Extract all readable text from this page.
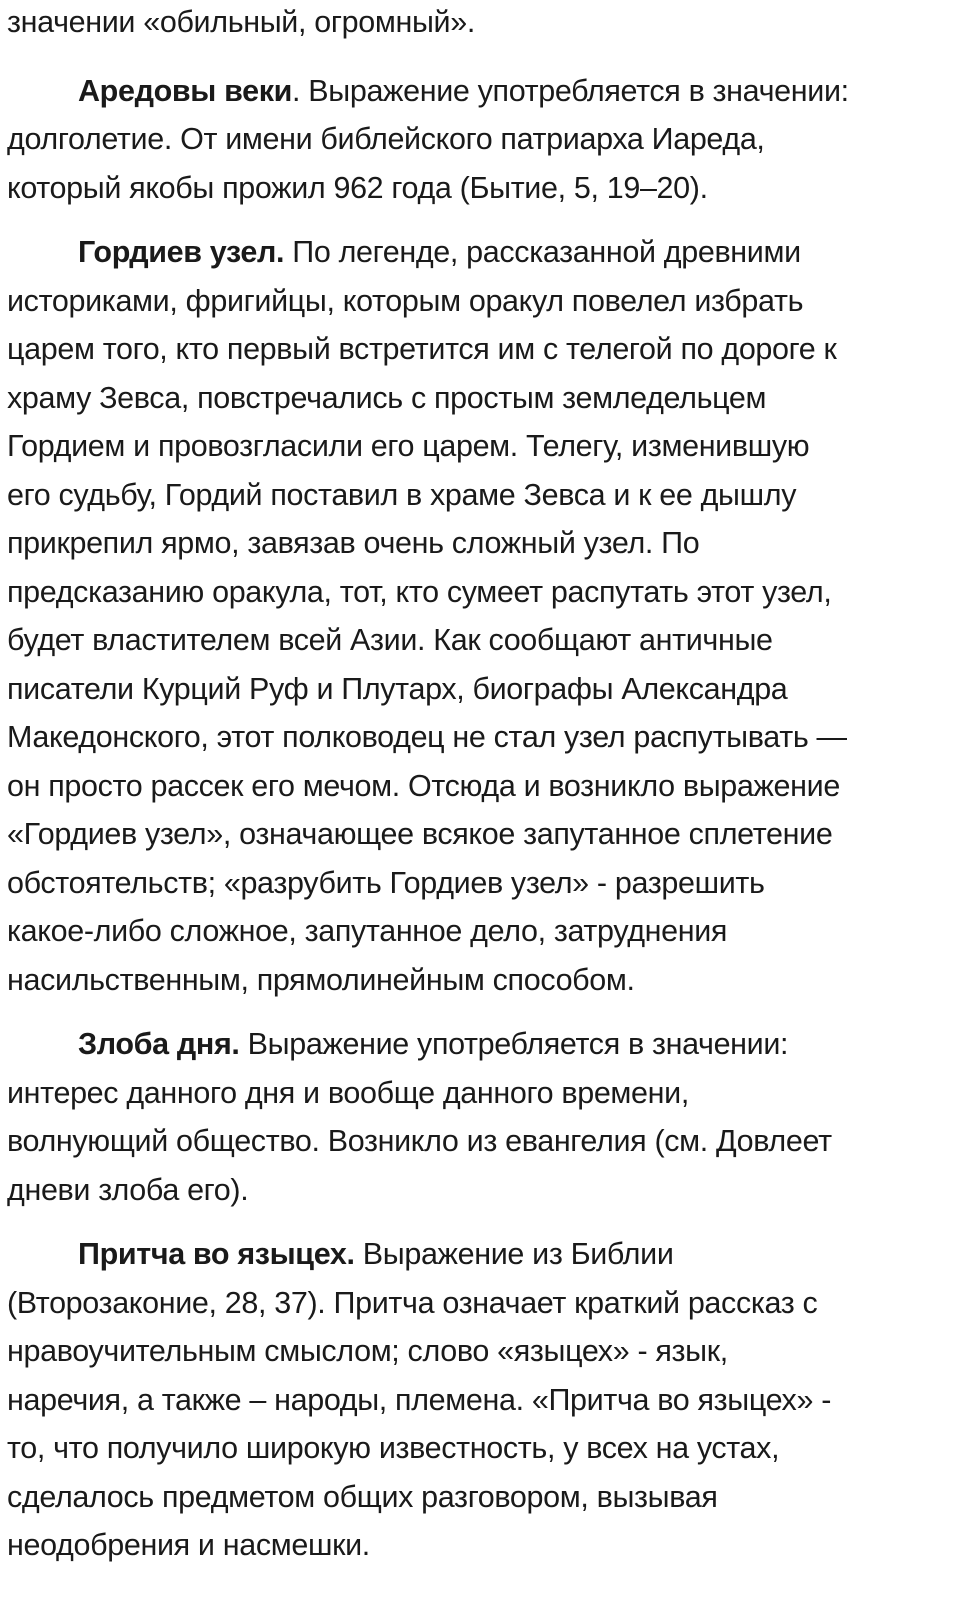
значении «обильный, огромный».

Аредовы веки. Выражение употребляется в значении:
долголетие. От имени библейского патриарха Иареда,
который якобы прожил 962 года (Бытие, 5, 19–20).

Гордиев узел. По легенде, рассказанной древними
историками, фригийцы, которым оракул повелел избрать
царем того, кто первый встретится им с телегой по дороге к
храму Зевса, повстречались с простым земледельцем
Гордием и провозгласили его царем. Телегу, изменившую
его судьбу, Гордий поставил в храме Зевса и к ее дышлу
прикрепил ярмо, завязав очень сложный узел. По
предсказанию оракула, тот, кто сумеет распутать этот узел,
будет властителем всей Азии. Как сообщают античные
писатели Курций Руф и Плутарх, биографы Александра
Македонского, этот полководец не стал узел распутывать —
он просто рассек его мечом. Отсюда и возникло выражение
«Гордиев узел», означающее всякое запутанное сплетение
обстоятельств; «разрубить Гордиев узел» - разрешить
какое-либо сложное, запутанное дело, затруднения
насильственным, прямолинейным способом.

Злоба дня. Выражение употребляется в значении:
интерес данного дня и вообще данного времени,
волнующий общество. Возникло из евангелия (см. Довлеет
дневи злоба его).

Притча во языцех. Выражение из Библии
(Второзаконие, 28, 37). Притча означает краткий рассказ с
нравоучительным смыслом; слово «языцех» - язык,
наречия, а также – народы, племена. «Притча во языцех» -
то, что получило широкую известность, у всех на устах,
сделалось предметом общих разговором, вызывая
неодобрения и насмешки.
